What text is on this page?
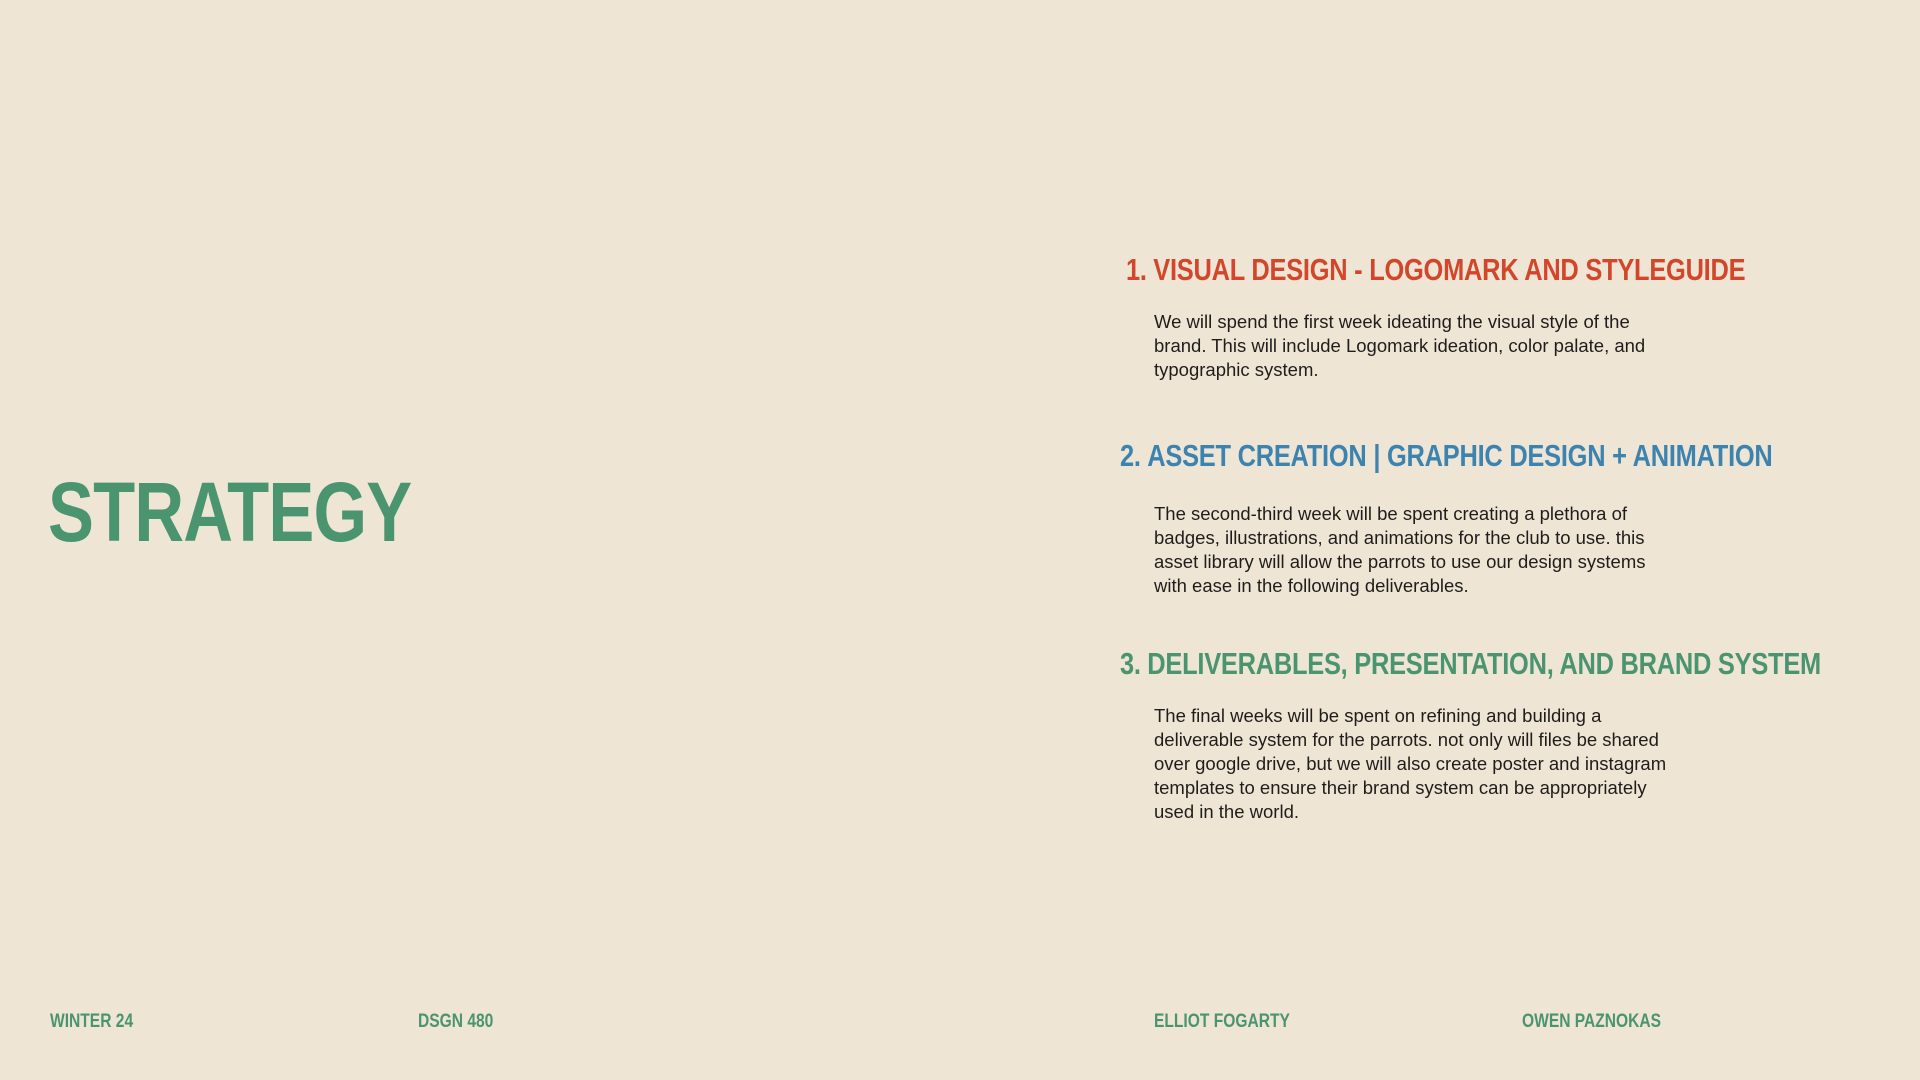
STRATEGY
1. VISUAL DESIGN - LOGOMARK AND STYLEGUIDE

We will spend the first week ideating the visual style of the brand. This will include Logomark ideation, color palate, and typographic system.

2. ASSET CREATION | GRAPHIC DESIGN + ANIMATION

The second-third week will be spent creating a plethora of badges, illustrations, and animations for the club to use. this asset library will allow the parrots to use our design systems with ease in the following deliverables.

3. DELIVERABLES, PRESENTATION, AND BRAND SYSTEM

The final weeks will be spent on refining and building a deliverable system for the parrots. not only will files be shared over google drive, but we will also create poster and instagram templates to ensure their brand system can be appropriately used in the world.

WINTER 24	DSGN 480	ELLIOT FOGARTY	OWEN PAZNOKAS
